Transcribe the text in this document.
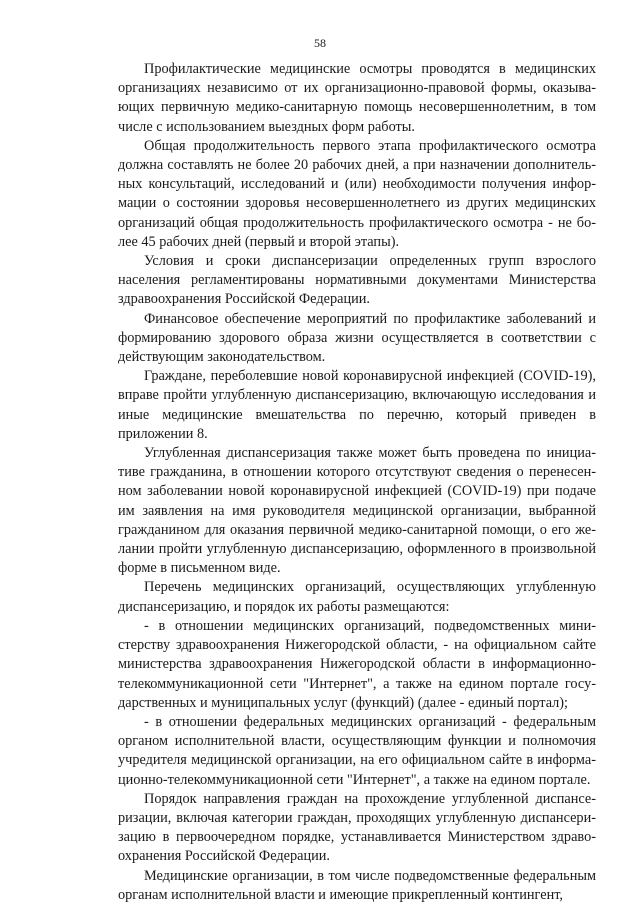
58

Профилактические медицинские осмотры проводятся в медицинских организациях независимо от их организационно-правовой формы, оказывающих первичную медико-санитарную помощь несовершеннолетним, в том числе с использованием выездных форм работы.

Общая продолжительность первого этапа профилактического осмотра должна составлять не более 20 рабочих дней, а при назначении дополнительных консультаций, исследований и (или) необходимости получения информации о состоянии здоровья несовершеннолетнего из других медицинских организаций общая продолжительность профилактического осмотра - не более 45 рабочих дней (первый и второй этапы).

Условия и сроки диспансеризации определенных групп взрослого населения регламентированы нормативными документами Министерства здравоохранения Российской Федерации.

Финансовое обеспечение мероприятий по профилактике заболеваний и формированию здорового образа жизни осуществляется в соответствии с действующим законодательством.

Граждане, переболевшие новой коронавирусной инфекцией (COVID-19), вправе пройти углубленную диспансеризацию, включающую исследования и иные медицинские вмешательства по перечню, который приведен в приложении 8.

Углубленная диспансеризация также может быть проведена по инициативе гражданина, в отношении которого отсутствуют сведения о перенесенном заболевании новой коронавирусной инфекцией (COVID-19) при подаче им заявления на имя руководителя медицинской организации, выбранной гражданином для оказания первичной медико-санитарной помощи, о его желании пройти углубленную диспансеризацию, оформленного в произвольной форме в письменном виде.

Перечень медицинских организаций, осуществляющих углубленную диспансеризацию, и порядок их работы размещаются:

- в отношении медицинских организаций, подведомственных министерству здравоохранения Нижегородской области, - на официальном сайте министерства здравоохранения Нижегородской области в информационно-телекоммуникационной сети "Интернет", а также на едином портале государственных и муниципальных услуг (функций) (далее - единый портал);

- в отношении федеральных медицинских организаций - федеральным органом исполнительной власти, осуществляющим функции и полномочия учредителя медицинской организации, на его официальном сайте в информационно-телекоммуникационной сети "Интернет", а также на едином портале.

Порядок направления граждан на прохождение углубленной диспансеризации, включая категории граждан, проходящих углубленную диспансеризацию в первоочередном порядке, устанавливается Министерством здравоохранения Российской Федерации.

Медицинские организации, в том числе подведомственные федеральным органам исполнительной власти и имеющие прикрепленный контингент,
